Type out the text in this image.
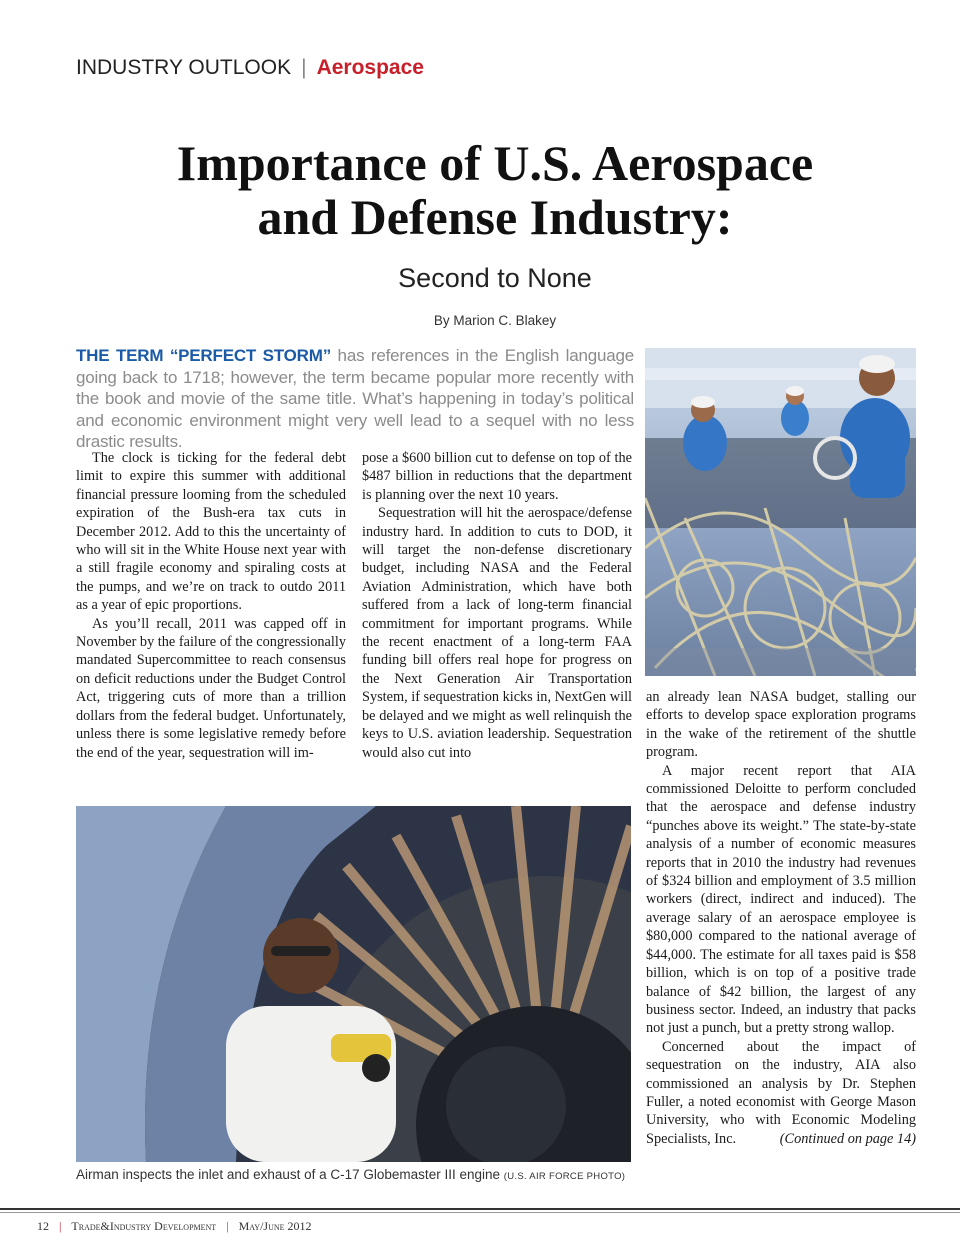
INDUSTRY OUTLOOK | Aerospace
Importance of U.S. Aerospace
and Defense Industry:
Second to None
By Marion C. Blakey
THE TERM “PERFECT STORM” has references in the English language going back to 1718; however, the term became popular more recently with the book and movie of the same title. What’s happening in today’s political and economic environment might very well lead to a sequel with no less drastic results.

The clock is ticking for the federal debt limit to expire this summer with additional financial pressure looming from the scheduled expiration of the Bush-era tax cuts in December 2012. Add to this the uncertainty of who will sit in the White House next year with a still fragile economy and spiraling costs at the pumps, and we’re on track to outdo 2011 as a year of epic proportions.

As you’ll recall, 2011 was capped off in November by the failure of the congressionally mandated Supercommittee to reach consensus on deficit reductions under the Budget Control Act, triggering cuts of more than a trillion dollars from the federal budget. Unfortunately, unless there is some legislative remedy before the end of the year, sequestration will im-

pose a $600 billion cut to defense on top of the $487 billion in reductions that the department is planning over the next 10 years.

Sequestration will hit the aerospace/defense industry hard. In addition to cuts to DOD, it will target the non-defense discretionary budget, including NASA and the Federal Aviation Administration, which have both suffered from a lack of long-term financial commitment for important programs. While the recent enactment of a long-term FAA funding bill offers real hope for progress on the Next Generation Air Transportation System, if sequestration kicks in, NextGen will be delayed and we might as well relinquish the keys to U.S. aviation leadership. Sequestration would also cut into

an already lean NASA budget, stalling our efforts to develop space exploration programs in the wake of the retirement of the shuttle program.

A major recent report that AIA commissioned Deloitte to perform concluded that the aerospace and defense industry “punches above its weight.” The state-by-state analysis of a number of economic measures reports that in 2010 the industry had revenues of $324 billion and employment of 3.5 million workers (direct, indirect and induced). The average salary of an aerospace employee is $80,000 compared to the national average of $44,000. The estimate for all taxes paid is $58 billion, which is on top of a positive trade balance of $42 billion, the largest of any business sector. Indeed, an industry that packs not just a punch, but a pretty strong wallop.

Concerned about the impact of sequestration on the industry, AIA also commissioned an analysis by Dr. Stephen Fuller, a noted economist with George Mason University, who with Economic Modeling Specialists, Inc.	(Continued on page 14)

Airman inspects the inlet and exhaust of a C-17 Globemaster III engine (U.S. AIR FORCE PHOTO)
12 | Trade&Industry Development | May/June 2012
